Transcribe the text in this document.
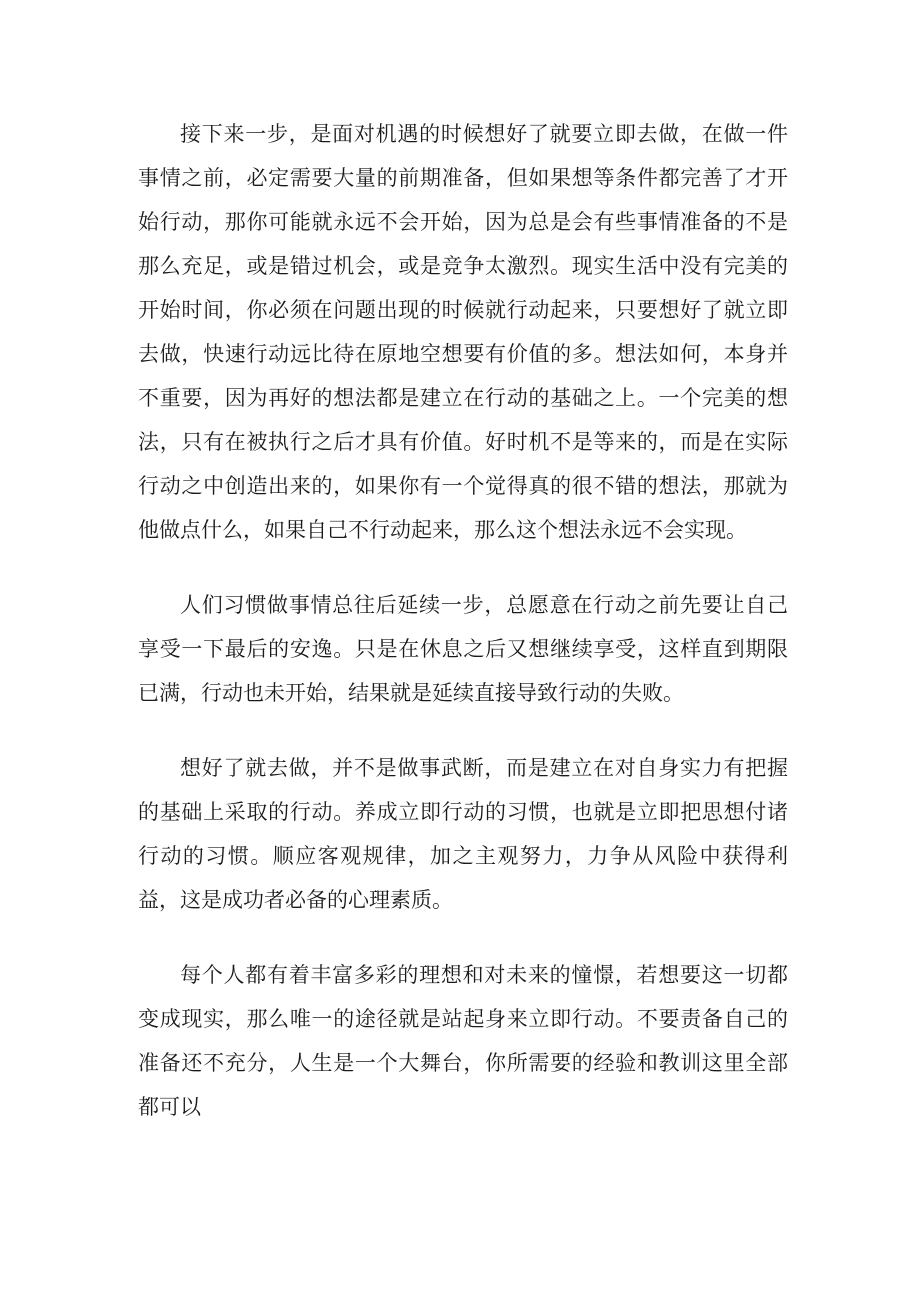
接下来一步，是面对机遇的时候想好了就要立即去做，在做一件事情之前，必定需要大量的前期准备，但如果想等条件都完善了才开始行动，那你可能就永远不会开始，因为总是会有些事情准备的不是那么充足，或是错过机会，或是竞争太激烈。现实生活中没有完美的开始时间，你必须在问题出现的时候就行动起来，只要想好了就立即去做，快速行动远比待在原地空想要有价值的多。想法如何，本身并不重要，因为再好的想法都是建立在行动的基础之上。一个完美的想法，只有在被执行之后才具有价值。好时机不是等来的，而是在实际行动之中创造出来的，如果你有一个觉得真的很不错的想法，那就为他做点什么，如果自己不行动起来，那么这个想法永远不会实现。

人们习惯做事情总往后延续一步，总愿意在行动之前先要让自己享受一下最后的安逸。只是在休息之后又想继续享受，这样直到期限已满，行动也未开始，结果就是延续直接导致行动的失败。

想好了就去做，并不是做事武断，而是建立在对自身实力有把握的基础上采取的行动。养成立即行动的习惯，也就是立即把思想付诸行动的习惯。顺应客观规律，加之主观努力，力争从风险中获得利益，这是成功者必备的心理素质。

每个人都有着丰富多彩的理想和对未来的憧憬，若想要这一切都变成现实，那么唯一的途径就是站起身来立即行动。不要责备自己的准备还不充分，人生是一个大舞台，你所需要的经验和教训这里全部都可以
